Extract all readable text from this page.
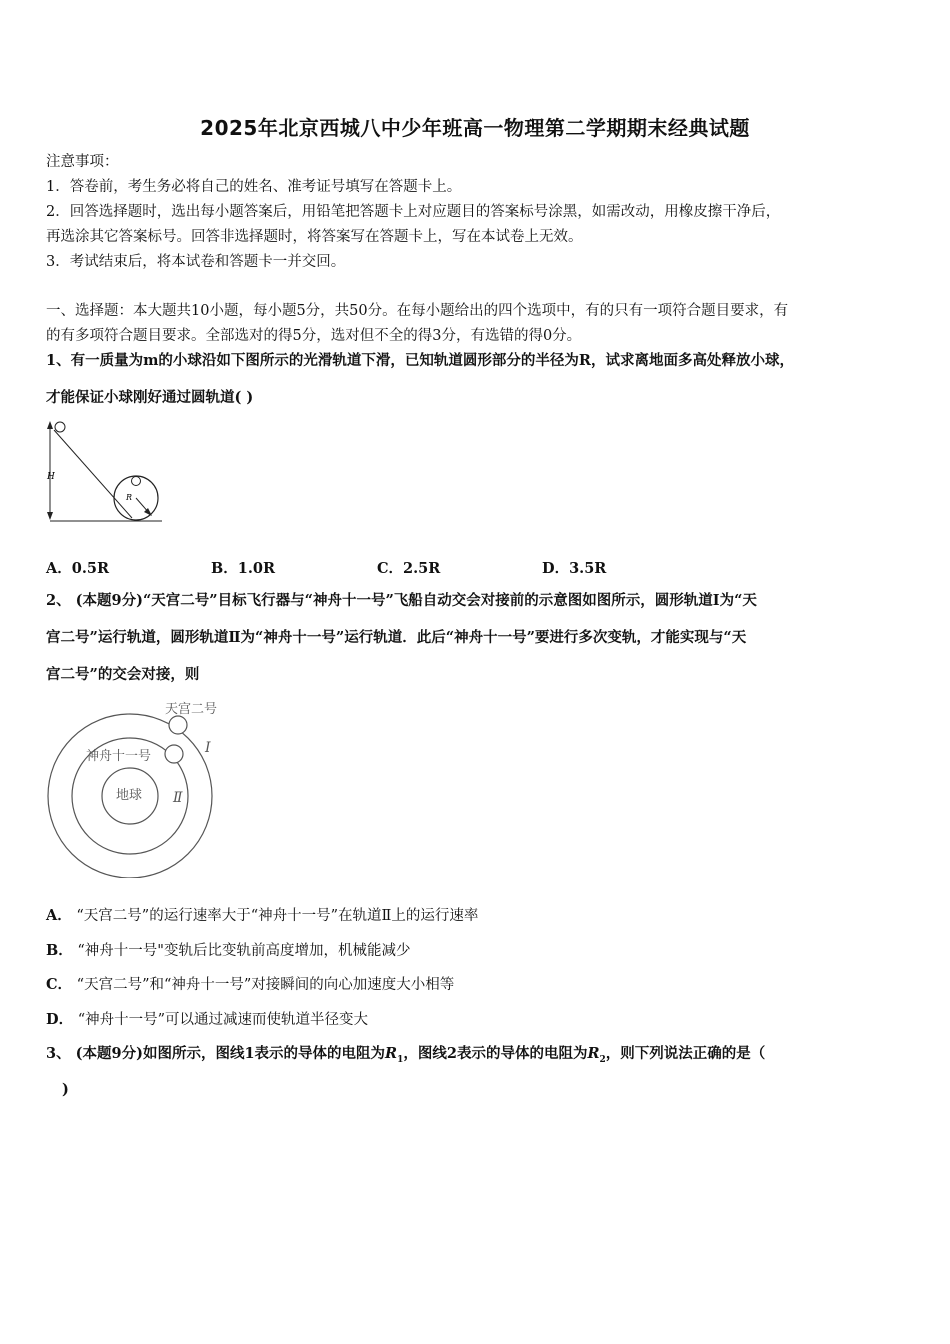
2025年北京西城八中少年班高一物理第二学期期末经典试题
注意事项：
1．答卷前，考生务必将自己的姓名、准考证号填写在答题卡上。
2．回答选择题时，选出每小题答案后，用铅笔把答题卡上对应题目的答案标号涂黑，如需改动，用橡皮擦干净后，
再选涂其它答案标号。回答非选择题时，将答案写在答题卡上，写在本试卷上无效。
3．考试结束后，将本试卷和答题卡一并交回。
一、选择题：本大题共10小题，每小题5分，共50分。在每小题给出的四个选项中，有的只有一项符合题目要求，有
的有多项符合题目要求。全部选对的得5分，选对但不全的得3分，有选错的得0分。
1、有一质量为m的小球沿如下图所示的光滑轨道下滑，已知轨道圆形部分的半径为R，试求离地面多高处释放小球，
才能保证小球刚好通过圆轨道( )
H
R
A．0.5R	B．1.0R	C．2.5R	D．3.5R
2、 (本题9分)“天宫二号”目标飞行器与“神舟十一号”飞船自动交会对接前的示意图如图所示，圆形轨道Ⅰ为“天
宫二号”运行轨道，圆形轨道Ⅱ为“神舟十一号”运行轨道．此后“神舟十一号”要进行多次变轨，才能实现与“天
宫二号”的交会对接，则
天宫二号
神舟十一号
地球
Ⅰ
Ⅱ
A． “天宫二号”的运行速率大于“神舟十一号”在轨道Ⅱ上的运行速率
B． “神舟十一号"变轨后比变轨前高度增加，机械能减少
C． “天宫二号”和“神舟十一号”对接瞬间的向心加速度大小相等
D． “神舟十一号”可以通过减速而使轨道半径变大
3、 (本题9分)如图所示，图线1表示的导体的电阻为$R_1$，图线2表示的导体的电阻为$R_2$，则下列说法正确的是（
)
